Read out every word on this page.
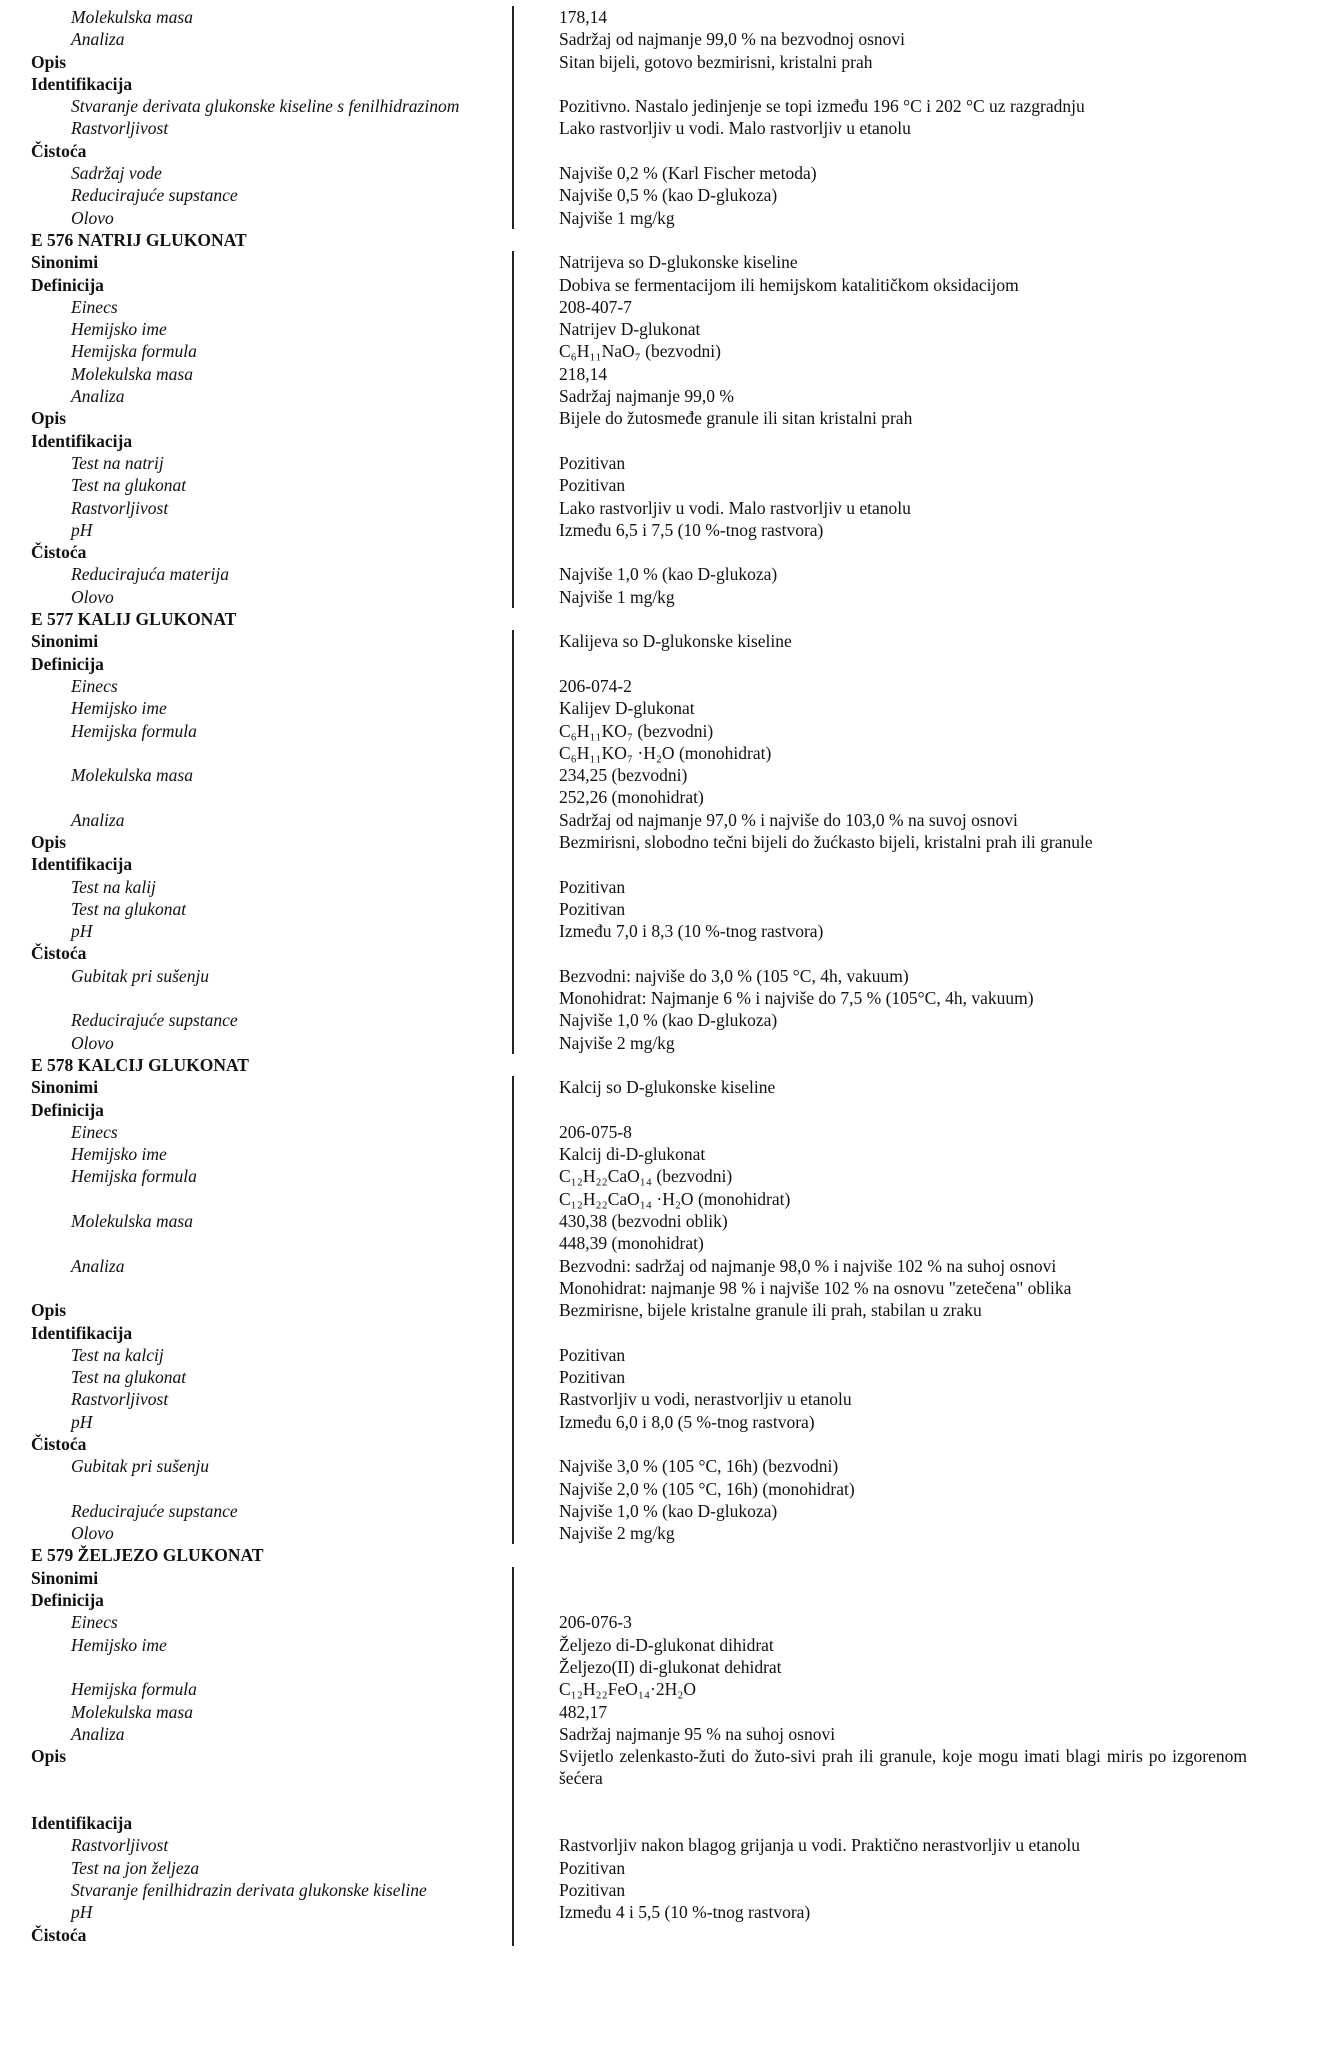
Molekulska masa	178,14
Analiza	Sadržaj od najmanje 99,0 % na bezvodnoj osnovi
Opis	Sitan bijeli, gotovo bezmirisni, kristalni prah
Identifikacija

Stvaranje derivata glukonske kiseline s fenilhidrazinom	Pozitivno. Nastalo jedinjenje se topi između 196 °C i 202 °C uz razgradnju
Rastvorljivost	Lako rastvorljiv u vodi. Malo rastvorljiv u etanolu
Čistoća

Sadržaj vode	Najviše 0,2 % (Karl Fischer metoda)
Reducirajuće supstance	Najviše 0,5 % (kao D-glukoza)
Olovo	Najviše 1 mg/kg
E 576 NATRIJ GLUKONAT

Sinonimi	Natrijeva so D-glukonske kiseline
Definicija	Dobiva se fermentacijom ili hemijskom katalitičkom oksidacijom
Einecs	208-407-7
Hemijsko ime	Natrijev D-glukonat
Hemijska formula	C₆H₁₁NaO₇ (bezvodni)
Molekulska masa	218,14
Analiza	Sadržaj najmanje 99,0 %
Opis	Bijele do žutosmeđe granule ili sitan kristalni prah
Identifikacija

Test na natrij	Pozitivan
Test na glukonat	Pozitivan
Rastvorljivost	Lako rastvorljiv u vodi. Malo rastvorljiv u etanolu
pH	Između 6,5 i 7,5 (10 %-tnog rastvora)
Čistoća

Reducirajuća materija	Najviše 1,0 % (kao D-glukoza)
Olovo	Najviše 1 mg/kg
E 577 KALIJ GLUKONAT

Sinonimi	Kalijeva so D-glukonske kiseline
Definicija

Einecs	206-074-2
Hemijsko ime	Kalijev D-glukonat
Hemijska formula	C₆H₁₁KO₇ (bezvodni)
C₆H₁₁KO₇ ·H₂O (monohidrat)
Molekulska masa	234,25 (bezvodni)
252,26 (monohidrat)
Analiza	Sadržaj od najmanje 97,0 % i najviše do 103,0 % na suvoj osnovi
Opis	Bezmirisni, slobodno tečni bijeli do žućkasto bijeli, kristalni prah ili granule
Identifikacija

Test na kalij	Pozitivan
Test na glukonat	Pozitivan
pH	Između 7,0 i 8,3 (10 %-tnog rastvora)
Čistoća

Gubitak pri sušenju	Bezvodni: najviše do 3,0 % (105 °C, 4h, vakuum)
Monohidrat: Najmanje 6 % i najviše do 7,5 % (105°C, 4h, vakuum)
Reducirajuće supstance	Najviše 1,0 % (kao D-glukoza)
Olovo	Najviše 2 mg/kg
E 578 KALCIJ GLUKONAT

Sinonimi	Kalcij so D-glukonske kiseline
Definicija

Einecs	206-075-8
Hemijsko ime	Kalcij di-D-glukonat
Hemijska formula	C₁₂H₂₂CaO₁₄ (bezvodni)
C₁₂H₂₂CaO₁₄ ·H₂O (monohidrat)
Molekulska masa	430,38 (bezvodni oblik)
448,39 (monohidrat)
Analiza	Bezvodni: sadržaj od najmanje 98,0 % i najviše 102 % na suhoj osnovi
Monohidrat: najmanje 98 % i najviše 102 % na osnovu "zetečena" oblika
Opis	Bezmirisne, bijele kristalne granule ili prah, stabilan u zraku
Identifikacija

Test na kalcij	Pozitivan
Test na glukonat	Pozitivan
Rastvorljivost	Rastvorljiv u vodi, nerastvorljiv u etanolu
pH	Između 6,0 i 8,0 (5 %-tnog rastvora)
Čistoća

Gubitak pri sušenju	Najviše 3,0 % (105 °C, 16h) (bezvodni)
Najviše 2,0 % (105 °C, 16h) (monohidrat)
Reducirajuće supstance	Najviše 1,0 % (kao D-glukoza)
Olovo	Najviše 2 mg/kg
E 579 ŽELJEZO GLUKONAT

Sinonimi

Definicija

Einecs	206-076-3
Hemijsko ime	Željezo di-D-glukonat dihidrat
Željezo(II) di-glukonat dehidrat
Hemijska formula	C₁₂H₂₂FeO₁₄·2H₂O
Molekulska masa	482,17
Analiza	Sadržaj najmanje 95 % na suhoj osnovi
Opis	Svijetlo zelenkasto-žuti do žuto-sivi prah ili granule, koje mogu imati blagi miris po izgorenom šećera

Identifikacija

Rastvorljivost	Rastvorljiv nakon blagog grijanja u vodi. Praktično nerastvorljiv u etanolu
Test na jon željeza	Pozitivan
Stvaranje fenilhidrazin derivata glukonske kiseline	Pozitivan
pH	Između 4 i 5,5 (10 %-tnog rastvora)
Čistoća
